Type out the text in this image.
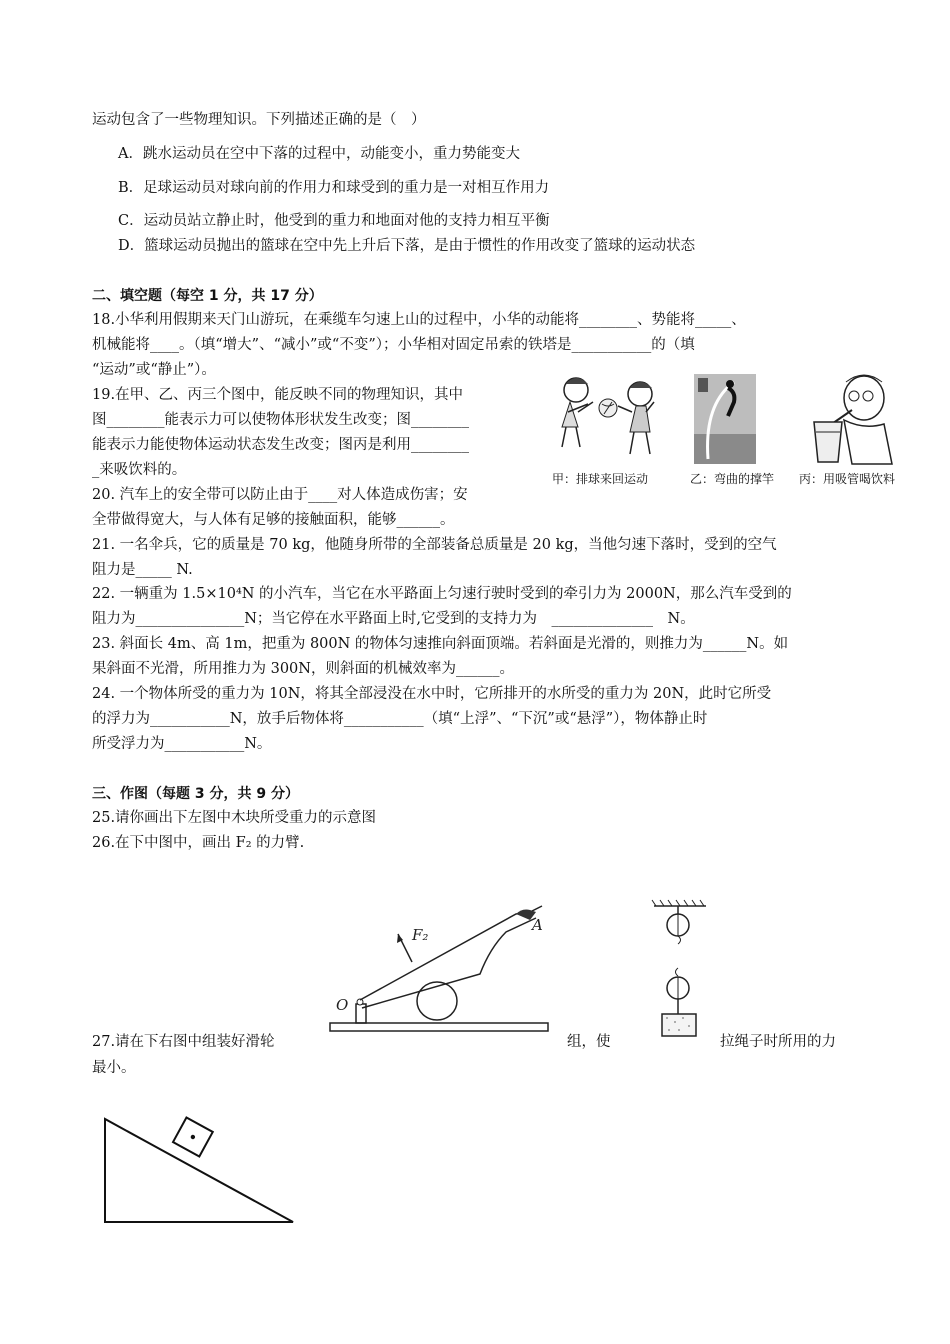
运动包含了一些物理知识。下列描述正确的是（　）
A．跳水运动员在空中下落的过程中，动能变小，重力势能变大
B．足球运动员对球向前的作用力和球受到的重力是一对相互作用力
C．运动员站立静止时，他受到的重力和地面对他的支持力相互平衡
D．篮球运动员抛出的篮球在空中先上升后下落，是由于惯性的作用改变了篮球的运动状态
二、填空题（每空 1 分，共 17 分）
18.小华利用假期来天门山游玩，在乘缆车匀速上山的过程中，小华的动能将________、势能将_____、
机械能将____。（填“增大”、“减小”或“不变”）；小华相对固定吊索的铁塔是___________的（填
“运动”或“静止”）。
19.在甲、乙、丙三个图中，能反映不同的物理知识，其中
图________能表示力可以使物体形状发生改变；图________
能表示力能使物体运动状态发生改变；图丙是利用________
_来吸饮料的。
甲：排球来回运动	乙：弯曲的撑竿 丙：用吸管喝饮料
20. 汽车上的安全带可以防止由于____对人体造成伤害；安
全带做得宽大，与人体有足够的接触面积，能够______。
21. 一名伞兵，它的质量是 70 kg，他随身所带的全部装备总质量是 20 kg，当他匀速下落时，受到的空气
阻力是_____ N.
22. 一辆重为 1.5×10⁴N 的小汽车，当它在水平路面上匀速行驶时受到的牵引力为 2000N，那么汽车受到的
阻力为_______________N；当它停在水平路面上时,它受到的支持力为　______________　N。
23. 斜面长 4m、高 1m，把重为 800N 的物体匀速推向斜面顶端。若斜面是光滑的，则推力为______N。如
果斜面不光滑，所用推力为 300N，则斜面的机械效率为______。
24. 一个物体所受的重力为 10N，将其全部浸没在水中时，它所排开的水所受的重力为 20N，此时它所受
的浮力为___________N，放手后物体将___________（填“上浮”、“下沉”或“悬浮”），物体静止时
所受浮力为___________N。
三、作图（每题 3 分，共 9 分）
25.请你画出下左图中木块所受重力的示意图
26.在下中图中，画出 F₂ 的力臂.
F₂
A
O
27.请在下右图中组装好滑轮	组，使	拉绳子时所用的力
最小。
